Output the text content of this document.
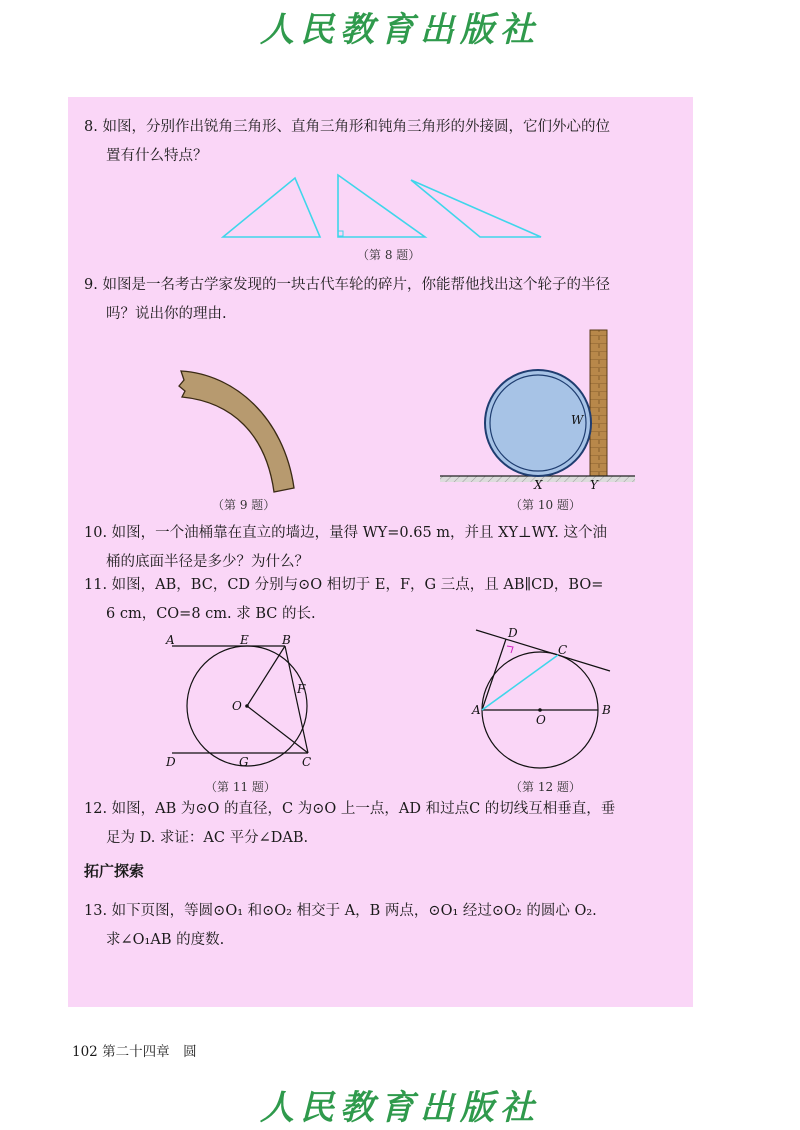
人民教育出版社
8. 如图，分别作出锐角三角形、直角三角形和钝角三角形的外接圆，它们外心的位
置有什么特点？
（第 8 题）
9. 如图是一名考古学家发现的一块古代车轮的碎片，你能帮他找出这个轮子的半径
吗？说出你的理由.
（第 9 题）
W
X	Y
（第 10 题）
10. 如图，一个油桶靠在直立的墙边，量得 WY=0.65 m，并且 XY⊥WY. 这个油
桶的底面半径是多少？为什么？
11. 如图，AB，BC，CD 分别与⊙O 相切于 E，F，G 三点，且 AB∥CD，BO=
6 cm，CO=8 cm. 求 BC 的长.
A	E	B
F
O
D	G	C
（第 11 题）
D
C
A
O
B
（第 12 题）
12. 如图，AB 为⊙O 的直径，C 为⊙O 上一点，AD 和过点C 的切线互相垂直，垂
足为 D. 求证：AC 平分∠DAB.
拓广探索
13. 如下页图，等圆⊙O₁ 和⊙O₂ 相交于 A，B 两点，⊙O₁ 经过⊙O₂ 的圆心 O₂.
求∠O₁AB 的度数.
102 第二十四章　圆
人民教育出版社
